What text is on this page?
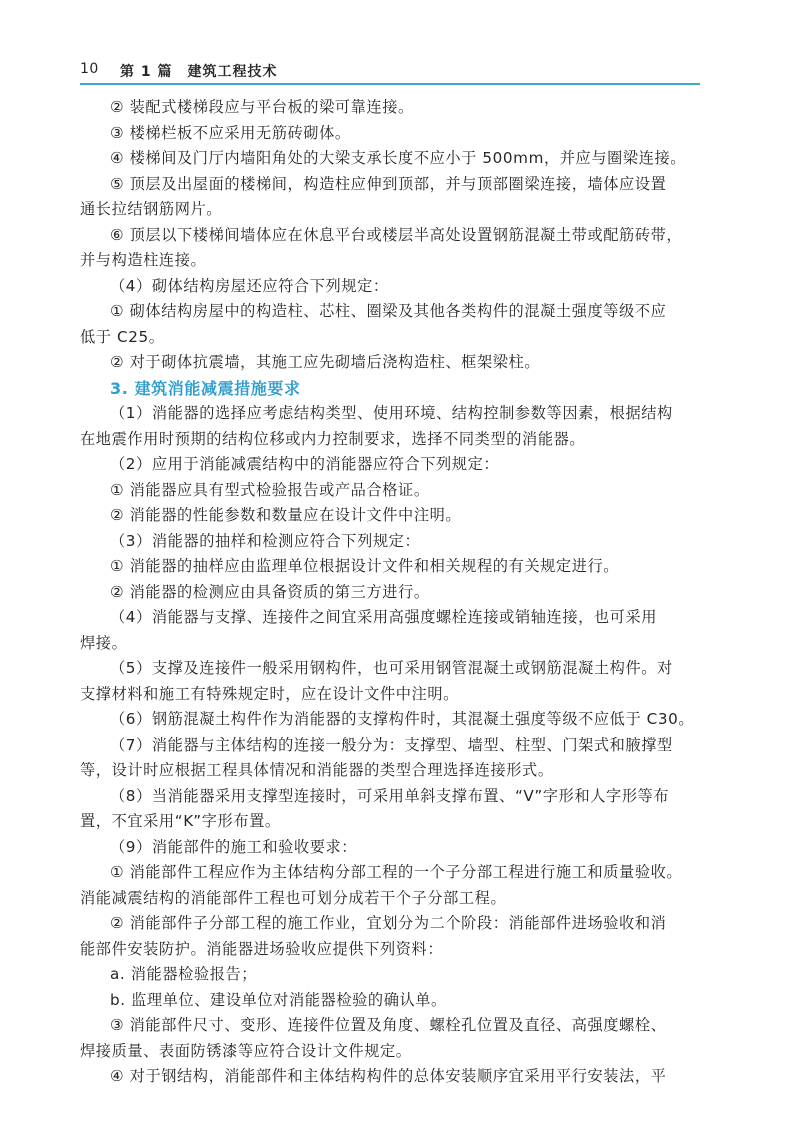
10 第 1 篇　建筑工程技术
② 装配式楼梯段应与平台板的梁可靠连接。
③ 楼梯栏板不应采用无筋砖砌体。
④ 楼梯间及门厅内墙阳角处的大梁支承长度不应小于 500mm，并应与圈梁连接。
⑤ 顶层及出屋面的楼梯间，构造柱应伸到顶部，并与顶部圈梁连接，墙体应设置
通长拉结钢筋网片。
⑥ 顶层以下楼梯间墙体应在休息平台或楼层半高处设置钢筋混凝土带或配筋砖带，
并与构造柱连接。
（4）砌体结构房屋还应符合下列规定：
① 砌体结构房屋中的构造柱、芯柱、圈梁及其他各类构件的混凝土强度等级不应
低于 C25。
② 对于砌体抗震墙，其施工应先砌墙后浇构造柱、框架梁柱。
3. 建筑消能减震措施要求
（1）消能器的选择应考虑结构类型、使用环境、结构控制参数等因素，根据结构
在地震作用时预期的结构位移或内力控制要求，选择不同类型的消能器。
（2）应用于消能减震结构中的消能器应符合下列规定：
① 消能器应具有型式检验报告或产品合格证。
② 消能器的性能参数和数量应在设计文件中注明。
（3）消能器的抽样和检测应符合下列规定：
① 消能器的抽样应由监理单位根据设计文件和相关规程的有关规定进行。
② 消能器的检测应由具备资质的第三方进行。
（4）消能器与支撑、连接件之间宜采用高强度螺栓连接或销轴连接，也可采用
焊接。
（5）支撑及连接件一般采用钢构件，也可采用钢管混凝土或钢筋混凝土构件。对
支撑材料和施工有特殊规定时，应在设计文件中注明。
（6）钢筋混凝土构件作为消能器的支撑构件时，其混凝土强度等级不应低于 C30。
（7）消能器与主体结构的连接一般分为：支撑型、墙型、柱型、门架式和腋撑型
等，设计时应根据工程具体情况和消能器的类型合理选择连接形式。
（8）当消能器采用支撑型连接时，可采用单斜支撑布置、“V”字形和人字形等布
置，不宜采用“K”字形布置。
（9）消能部件的施工和验收要求：
① 消能部件工程应作为主体结构分部工程的一个子分部工程进行施工和质量验收。
消能减震结构的消能部件工程也可划分成若干个子分部工程。
② 消能部件子分部工程的施工作业，宜划分为二个阶段：消能部件进场验收和消
能部件安装防护。消能器进场验收应提供下列资料：
a. 消能器检验报告；
b. 监理单位、建设单位对消能器检验的确认单。
③ 消能部件尺寸、变形、连接件位置及角度、螺栓孔位置及直径、高强度螺栓、
焊接质量、表面防锈漆等应符合设计文件规定。
④ 对于钢结构，消能部件和主体结构构件的总体安装顺序宜采用平行安装法，平
